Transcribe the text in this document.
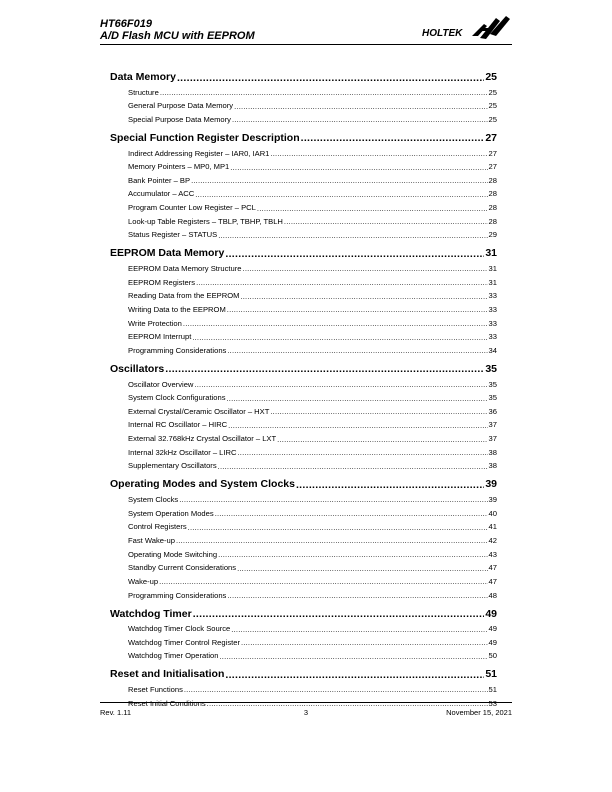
HT66F019
A/D Flash MCU with EEPROM	HOLTEK
Data Memory .....	25
Structure .....	25
General Purpose Data Memory .....	25
Special Purpose Data Memory .....	25
Special Function Register Description .....	27
Indirect Addressing Register – IAR0, IAR1 .....	27
Memory Pointers – MP0, MP1 .....	27
Bank Pointer – BP .....	28
Accumulator – ACC .....	28
Program Counter Low Register – PCL .....	28
Look-up Table Registers – TBLP, TBHP, TBLH .....	28
Status Register – STATUS .....	29
EEPROM Data Memory .....	31
EEPROM Data Memory Structure .....	31
EEPROM Registers .....	31
Reading Data from the EEPROM .....	33
Writing Data to the EEPROM .....	33
Write Protection .....	33
EEPROM Interrupt .....	33
Programming Considerations .....	34
Oscillators .....	35
Oscillator Overview .....	35
System Clock Configurations .....	35
External Crystal/Ceramic Oscillator – HXT .....	36
Internal RC Oscillator – HIRC .....	37
External 32.768kHz Crystal Oscillator – LXT .....	37
Internal 32kHz Oscillator – LIRC .....	38
Supplementary Oscillators .....	38
Operating Modes and System Clocks .....	39
System Clocks .....	39
System Operation Modes .....	40
Control Registers .....	41
Fast Wake-up .....	42
Operating Mode Switching .....	43
Standby Current Considerations .....	47
Wake-up .....	47
Programming Considerations .....	48
Watchdog Timer .....	49
Watchdog Timer Clock Source .....	49
Watchdog Timer Control Register .....	49
Watchdog Timer Operation .....	50
Reset and Initialisation .....	51
Reset Functions .....	51
Reset Initial Conditions .....	53
Rev. 1.11	3	November 15, 2021
